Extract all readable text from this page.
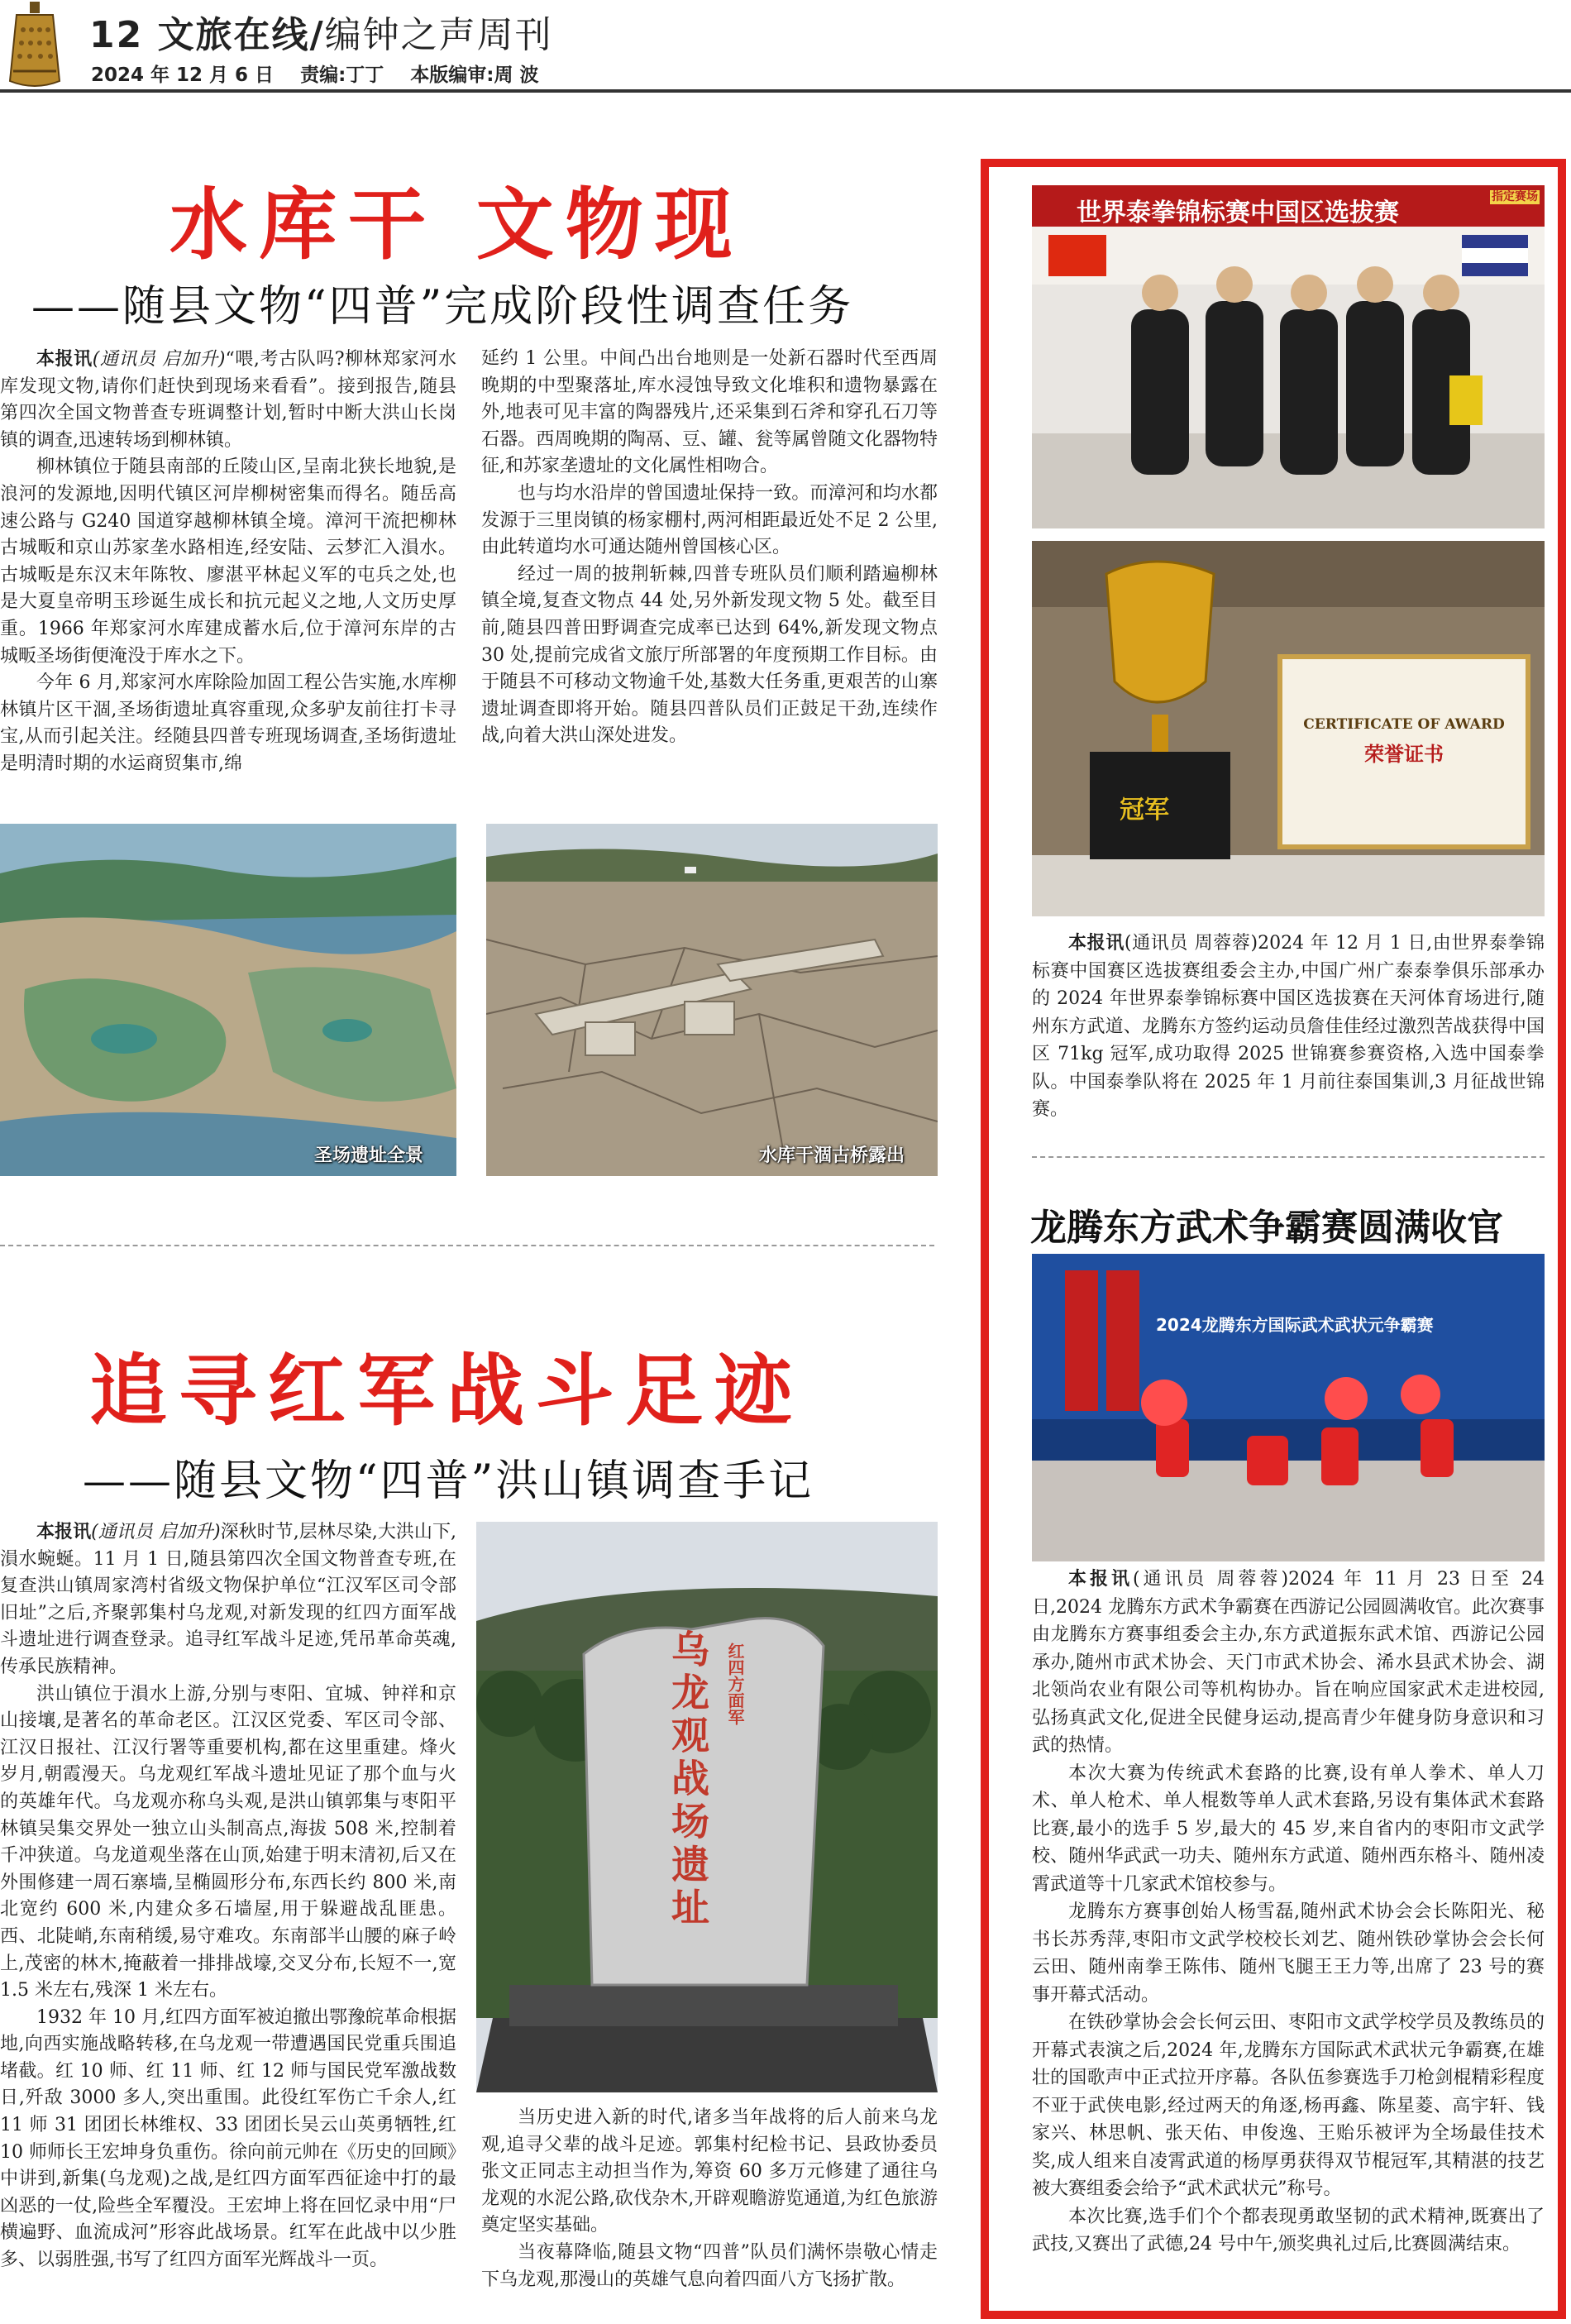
12 文旅在线/编钟之声周刊
2024 年 12 月 6 日 责编:丁丁 本版编审:周 波
水库干 文物现
——随县文物“四普”完成阶段性调查任务

本报讯(通讯员 启加升)“喂,考古队吗?柳林郑家河水库发现文物,请你们赶快到现场来看看”。接到报告,随县第四次全国文物普查专班调整计划,暂时中断大洪山长岗镇的调查,迅速转场到柳林镇。

柳林镇位于随县南部的丘陵山区,呈南北狭长地貌,是浪河的发源地,因明代镇区河岸柳树密集而得名。随岳高速公路与 G240 国道穿越柳林镇全境。漳河干流把柳林古城畈和京山苏家垄水路相连,经安陆、云梦汇入溳水。古城畈是东汉末年陈牧、廖湛平林起义军的屯兵之处,也是大夏皇帝明玉珍诞生成长和抗元起义之地,人文历史厚重。1966 年郑家河水库建成蓄水后,位于漳河东岸的古城畈圣场街便淹没于库水之下。

今年 6 月,郑家河水库除险加固工程公告实施,水库柳林镇片区干涸,圣场街遗址真容重现,众多驴友前往打卡寻宝,从而引起关注。经随县四普专班现场调查,圣场街遗址是明清时期的水运商贸集市,绵

延约 1 公里。中间凸出台地则是一处新石器时代至西周晚期的中型聚落址,库水浸蚀导致文化堆积和遗物暴露在外,地表可见丰富的陶器残片,还采集到石斧和穿孔石刀等石器。西周晚期的陶鬲、豆、罐、瓮等属曾随文化器物特征,和苏家垄遗址的文化属性相吻合。

也与均水沿岸的曾国遗址保持一致。而漳河和均水都发源于三里岗镇的杨家棚村,两河相距最近处不足 2 公里,由此转道均水可通达随州曾国核心区。

经过一周的披荆斩棘,四普专班队员们顺利踏遍柳林镇全境,复查文物点 44 处,另外新发现文物 5 处。截至目前,随县四普田野调查完成率已达到 64%,新发现文物点 30 处,提前完成省文旅厅所部署的年度预期工作目标。由于随县不可移动文物逾千处,基数大任务重,更艰苦的山寨遗址调查即将开始。随县四普队员们正鼓足干劲,连续作战,向着大洪山深处进发。

圣场遗址全景	水库干涸古桥露出
追寻红军战斗足迹
——随县文物“四普”洪山镇调查手记

本报讯(通讯员 启加升)深秋时节,层林尽染,大洪山下,溳水蜿蜒。11 月 1 日,随县第四次全国文物普查专班,在复查洪山镇周家湾村省级文物保护单位“江汉军区司令部旧址”之后,齐聚郭集村乌龙观,对新发现的红四方面军战斗遗址进行调查登录。追寻红军战斗足迹,凭吊革命英魂,传承民族精神。

洪山镇位于溳水上游,分别与枣阳、宜城、钟祥和京山接壤,是著名的革命老区。江汉区党委、军区司令部、江汉日报社、江汉行署等重要机构,都在这里重建。烽火岁月,朝霞漫天。乌龙观红军战斗遗址见证了那个血与火的英雄年代。乌龙观亦称乌头观,是洪山镇郭集与枣阳平林镇吴集交界处一独立山头制高点,海拔 508 米,控制着千冲狭道。乌龙道观坐落在山顶,始建于明末清初,后又在外围修建一周石寨墙,呈椭圆形分布,东西长约 800 米,南北宽约 600 米,内建众多石墙屋,用于躲避战乱匪患。西、北陡峭,东南稍缓,易守难攻。东南部半山腰的麻子岭上,茂密的林木,掩蔽着一排排战壕,交叉分布,长短不一,宽 1.5 米左右,残深 1 米左右。

1932 年 10 月,红四方面军被迫撤出鄂豫皖革命根据地,向西实施战略转移,在乌龙观一带遭遇国民党重兵围追堵截。红 10 师、红 11 师、红 12 师与国民党军激战数日,歼敌 3000 多人,突出重围。此役红军伤亡千余人,红 11 师 31 团团长林维权、33 团团长吴云山英勇牺牲,红 10 师师长王宏坤身负重伤。徐向前元帅在《历史的回顾》中讲到,新集(乌龙观)之战,是红四方面军西征途中打的最凶恶的一仗,险些全军覆没。王宏坤上将在回忆录中用“尸横遍野、血流成河”形容此战场景。红军在此战中以少胜多、以弱胜强,书写了红四方面军光辉战斗一页。

乌龙观战场遗址 红四方面军

当历史进入新的时代,诸多当年战将的后人前来乌龙观,追寻父辈的战斗足迹。郭集村纪检书记、县政协委员张文正同志主动担当作为,筹资 60 多万元修建了通往乌龙观的水泥公路,砍伐杂木,开辟观瞻游览通道,为红色旅游奠定坚实基础。

当夜幕降临,随县文物“四普”队员们满怀崇敬心情走下乌龙观,那漫山的英雄气息向着四面八方飞扬扩散。

世界泰拳锦标赛中国区选拔赛
指定赛场
冠军
CERTIFICATE OF AWARD
荣誉证书

本报讯(通讯员 周蓉蓉)2024 年 12 月 1 日,由世界泰拳锦标赛中国赛区选拔赛组委会主办,中国广州广泰泰拳俱乐部承办的 2024 年世界泰拳锦标赛中国区选拔赛在天河体育场进行,随州东方武道、龙腾东方签约运动员詹佳佳经过激烈苦战获得中国区 71kg 冠军,成功取得 2025 世锦赛参赛资格,入选中国泰拳队。中国泰拳队将在 2025 年 1 月前往泰国集训,3 月征战世锦赛。

龙腾东方武术争霸赛圆满收官
2024龙腾东方国际武术武状元争霸赛

本报讯(通讯员 周蓉蓉)2024 年 11 月 23 日至 24 日,2024 龙腾东方武术争霸赛在西游记公园圆满收官。此次赛事由龙腾东方赛事组委会主办,东方武道振东武术馆、西游记公园承办,随州市武术协会、天门市武术协会、浠水县武术协会、湖北领尚农业有限公司等机构协办。旨在响应国家武术走进校园,弘扬真武文化,促进全民健身运动,提高青少年健身防身意识和习武的热情。

本次大赛为传统武术套路的比赛,设有单人拳术、单人刀术、单人枪术、单人棍数等单人武术套路,另设有集体武术套路比赛,最小的选手 5 岁,最大的 45 岁,来自省内的枣阳市文武学校、随州华武武一功夫、随州东方武道、随州西东格斗、随州凌霄武道等十几家武术馆校参与。

龙腾东方赛事创始人杨雪磊,随州武术协会会长陈阳光、秘书长苏秀萍,枣阳市文武学校校长刘艺、随州铁砂掌协会会长何云田、随州南拳王陈伟、随州飞腿王王力等,出席了 23 号的赛事开幕式活动。

在铁砂掌协会会长何云田、枣阳市文武学校学员及教练员的开幕式表演之后,2024 年,龙腾东方国际武术武状元争霸赛,在雄壮的国歌声中正式拉开序幕。各队伍参赛选手刀枪剑棍精彩程度不亚于武侠电影,经过两天的角逐,杨再鑫、陈星菱、高宇轩、钱家兴、林思帆、张天佑、申俊逸、王贻乐被评为全场最佳技术奖,成人组来自凌霄武道的杨厚勇获得双节棍冠军,其精湛的技艺被大赛组委会给予“武术武状元”称号。

本次比赛,选手们个个都表现勇敢坚韧的武术精神,既赛出了武技,又赛出了武德,24 号中午,颁奖典礼过后,比赛圆满结束。
